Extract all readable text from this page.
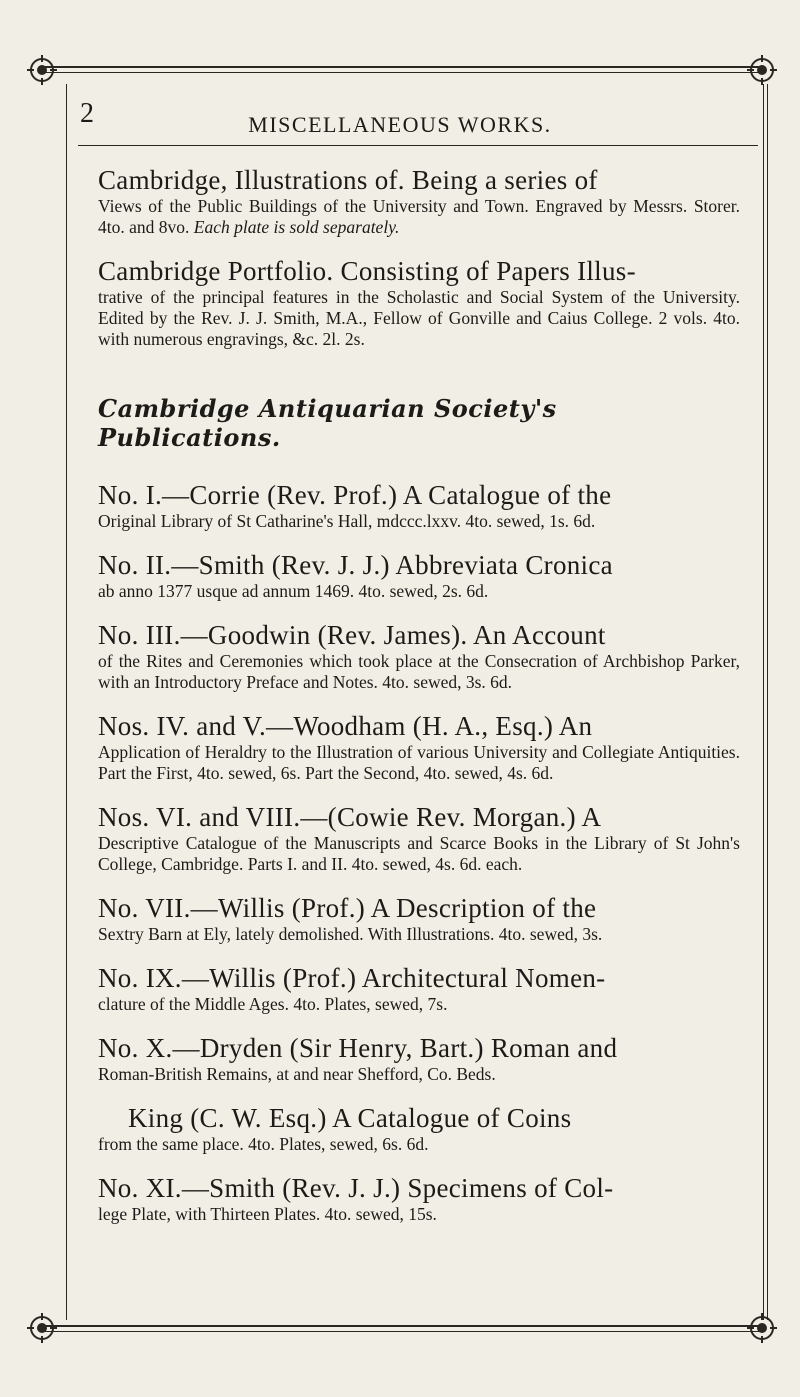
2	MISCELLANEOUS WORKS.
Cambridge, Illustrations of. Being a series of
Views of the Public Buildings of the University and Town. Engraved by Messrs. Storer. 4to. and 8vo. Each plate is sold separately.
Cambridge Portfolio. Consisting of Papers Illus-
trative of the principal features in the Scholastic and Social System of the University. Edited by the Rev. J. J. Smith, M.A., Fellow of Gonville and Caius College. 2 vols. 4to. with numerous engravings, &c. 2l. 2s.
Cambridge Antiquarian Society's Publications.
No. I.—Corrie (Rev. Prof.) A Catalogue of the
Original Library of St Catharine's Hall, mdccc.lxxv. 4to. sewed, 1s. 6d.
No. II.—Smith (Rev. J. J.) Abbreviata Cronica
ab anno 1377 usque ad annum 1469. 4to. sewed, 2s. 6d.
No. III.—Goodwin (Rev. James). An Account
of the Rites and Ceremonies which took place at the Consecration of Archbishop Parker, with an Introductory Preface and Notes. 4to. sewed, 3s. 6d.
Nos. IV. and V.—Woodham (H. A., Esq.) An
Application of Heraldry to the Illustration of various University and Collegiate Antiquities. Part the First, 4to. sewed, 6s. Part the Second, 4to. sewed, 4s. 6d.
Nos. VI. and VIII.—(Cowie Rev. Morgan.) A
Descriptive Catalogue of the Manuscripts and Scarce Books in the Library of St John's College, Cambridge. Parts I. and II. 4to. sewed, 4s. 6d. each.
No. VII.—Willis (Prof.) A Description of the
Sextry Barn at Ely, lately demolished. With Illustrations. 4to. sewed, 3s.
No. IX.—Willis (Prof.) Architectural Nomen-
clature of the Middle Ages. 4to. Plates, sewed, 7s.
No. X.—Dryden (Sir Henry, Bart.) Roman and
Roman-British Remains, at and near Shefford, Co. Beds.
King (C. W. Esq.) A Catalogue of Coins
from the same place. 4to. Plates, sewed, 6s. 6d.
No. XI.—Smith (Rev. J. J.) Specimens of Col-
lege Plate, with Thirteen Plates. 4to. sewed, 15s.
